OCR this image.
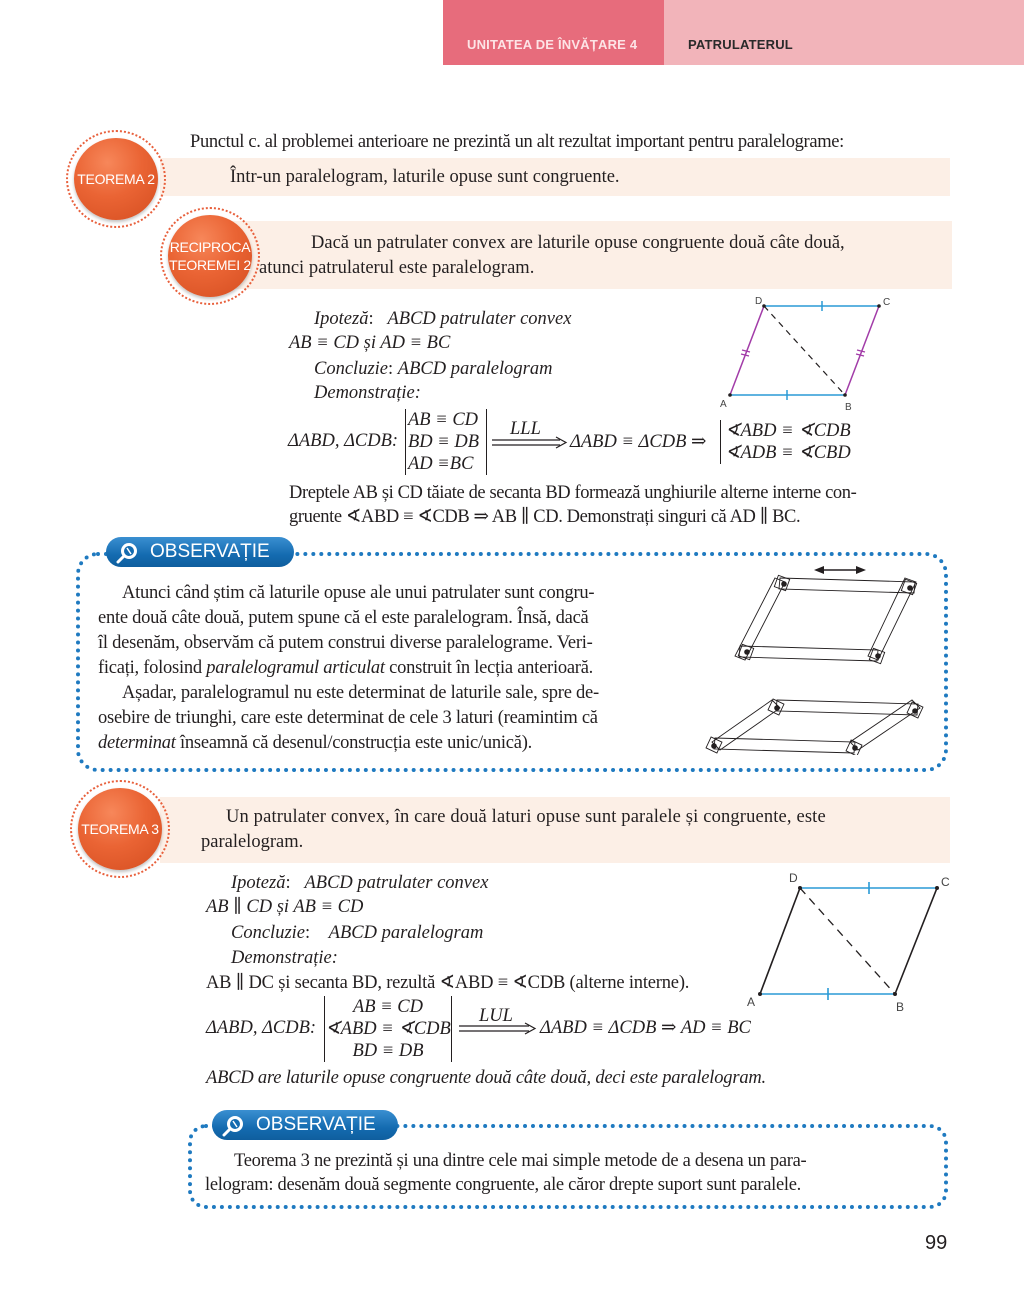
UNITATEA DE ÎNVĂȚARE 4	PATRULATERUL
Punctul c. al problemei anterioare ne prezintă un alt rezultat important pentru paralelograme:
Într-un paralelogram, laturile opuse sunt congruente.
TEOREMA 2
Dacă un patrulater convex are laturile opuse congruente două câte două,
atunci patrulaterul este paralelogram.
RECIPROCA
TEOREMEI 2
Ipoteză:   ABCD patrulater convex
AB ≡ CD și AD ≡ BC
Concluzie: ABCD paralelogram
Demonstrație:
ΔABD, ΔCDB:
AB ≡ CD
BD ≡ DB
AD ≡BC
LLL
ΔABD ≡ ΔCDB ⇒
∢ABD ≡ ∢CDB
∢ADB ≡ ∢CBD
Dreptele AB și CD tăiate de secanta BD formează unghiurile alterne interne con-
gruente ∢ABD ≡ ∢CDB ⇒ AB ∥ CD. Demonstrați singuri că AD ∥ BC.
A	B
C
D
OBSERVAȚIE
Atunci când știm că laturile opuse ale unui patrulater sunt congru-
ente două câte două, putem spune că el este paralelogram. Însă, dacă
îl desenăm, observăm că putem construi diverse paralelograme. Veri-
ficați, folosind paralelogramul articulat construit în lecția anterioară.
Așadar, paralelogramul nu este determinat de laturile sale, spre de-
osebire de triunghi, care este determinat de cele 3 laturi (reamintim că
determinat înseamnă că desenul/construcția este unic/unică).
Un patrulater convex, în care două laturi opuse sunt paralele și congruente, este
paralelogram.
TEOREMA 3
Ipoteză:   ABCD patrulater convex
AB ∥ CD și AB ≡ CD
Concluzie:    ABCD paralelogram
Demonstrație:
AB ∥ DC și secanta BD, rezultă ∢ABD ≡ ∢CDB (alterne interne).
ΔABD, ΔCDB:
AB ≡ CD
∢ABD ≡ ∢CDB
BD ≡ DB
LUL
ΔABD ≡ ΔCDB ⇒ AD ≡ BC
ABCD are laturile opuse congruente două câte două, deci este paralelogram.
A	B
C
D
OBSERVAȚIE
Teorema 3 ne prezintă și una dintre cele mai simple metode de a desena un para-
lelogram: desenăm două segmente congruente, ale căror drepte suport sunt paralele.
99
